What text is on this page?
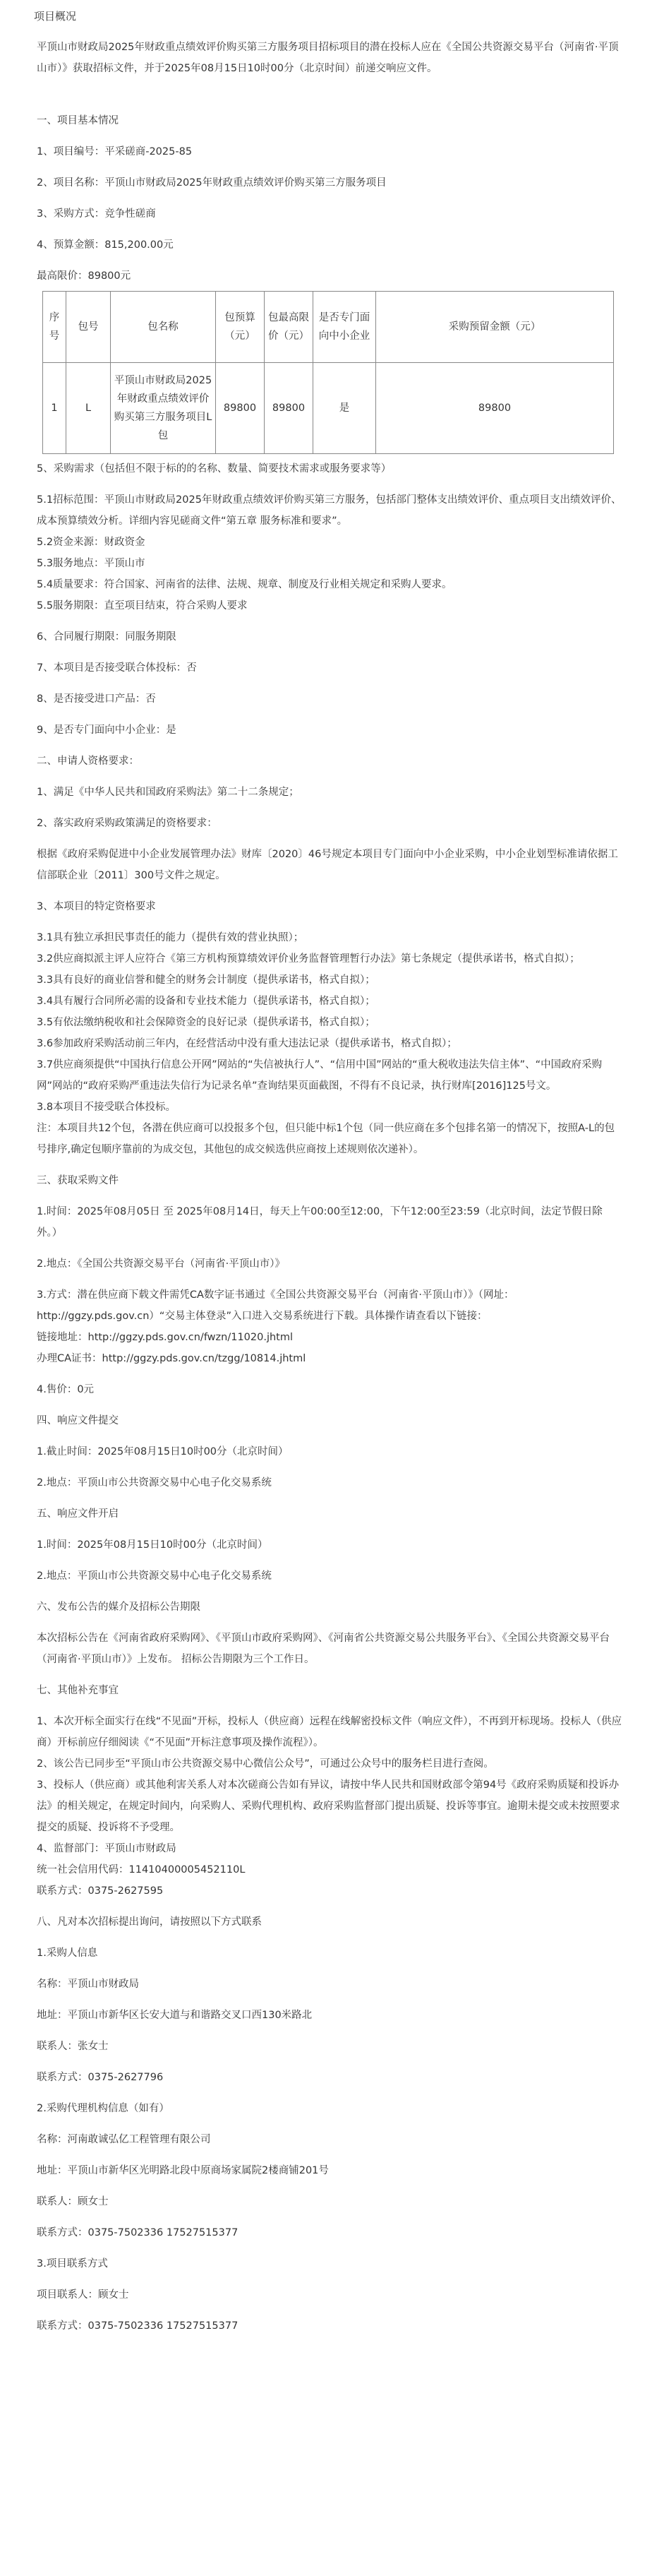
项目概况

平顶山市财政局2025年财政重点绩效评价购买第三方服务项目招标项目的潜在投标人应在《全国公共资源交易平台（河南省·平顶山市）》获取招标文件，并于2025年08月15日10时00分（北京时间）前递交响应文件。

一、项目基本情况

1、项目编号：平采磋商-2025-85

2、项目名称：平顶山市财政局2025年财政重点绩效评价购买第三方服务项目

3、采购方式：竞争性磋商

4、预算金额：815,200.00元

最高限价：89800元

序号	包号	包名称	包预算（元）	包最高限价（元）	是否专门面向中小企业	采购预留金额（元）
1	L	平顶山市财政局2025年财政重点绩效评价购买第三方服务项目L包	89800	89800	是	89800

5、采购需求（包括但不限于标的的名称、数量、简要技术需求或服务要求等）

5.1招标范围：平顶山市财政局2025年财政重点绩效评价购买第三方服务，包括部门整体支出绩效评价、重点项目支出绩效评价、成本预算绩效分析。详细内容见磋商文件“第五章 服务标准和要求”。

5.2资金来源：财政资金

5.3服务地点：平顶山市

5.4质量要求：符合国家、河南省的法律、法规、规章、制度及行业相关规定和采购人要求。

5.5服务期限：直至项目结束，符合采购人要求

6、合同履行期限：同服务期限

7、本项目是否接受联合体投标：否

8、是否接受进口产品：否

9、是否专门面向中小企业：是

二、申请人资格要求：

1、满足《中华人民共和国政府采购法》第二十二条规定；

2、落实政府采购政策满足的资格要求：

根据《政府采购促进中小企业发展管理办法》财库〔2020〕46号规定本项目专门面向中小企业采购，中小企业划型标准请依据工信部联企业〔2011〕300号文件之规定。

3、本项目的特定资格要求

3.1具有独立承担民事责任的能力（提供有效的营业执照）；

3.2供应商拟派主评人应符合《第三方机构预算绩效评价业务监督管理暂行办法》第七条规定（提供承诺书，格式自拟）；

3.3具有良好的商业信誉和健全的财务会计制度（提供承诺书，格式自拟）；

3.4具有履行合同所必需的设备和专业技术能力（提供承诺书，格式自拟）；

3.5有依法缴纳税收和社会保障资金的良好记录（提供承诺书，格式自拟）；

3.6参加政府采购活动前三年内，在经营活动中没有重大违法记录（提供承诺书，格式自拟）；

3.7供应商须提供“中国执行信息公开网”网站的“失信被执行人”、“信用中国”网站的“重大税收违法失信主体”、“中国政府采购网”网站的“政府采购严重违法失信行为记录名单”查询结果页面截图，不得有不良记录，执行财库[2016]125号文。

3.8本项目不接受联合体投标。

注：本项目共12个包，各潜在供应商可以投报多个包，但只能中标1个包（同一供应商在多个包排名第一的情况下，按照A-L的包号排序,确定包顺序靠前的为成交包，其他包的成交候选供应商按上述规则依次递补）。

三、获取采购文件

1.时间：2025年08月05日 至 2025年08月14日，每天上午00:00至12:00，下午12:00至23:59（北京时间，法定节假日除外。）

2.地点：《全国公共资源交易平台（河南省·平顶山市）》

3.方式：潜在供应商下载文件需凭CA数字证书通过《全国公共资源交易平台（河南省·平顶山市）》（网址：http://ggzy.pds.gov.cn）“交易主体登录”入口进入交易系统进行下载。具体操作请查看以下链接：

链接地址：http://ggzy.pds.gov.cn/fwzn/11020.jhtml

办理CA证书：http://ggzy.pds.gov.cn/tzgg/10814.jhtml

4.售价：0元

四、响应文件提交

1.截止时间：2025年08月15日10时00分（北京时间）

2.地点：平顶山市公共资源交易中心电子化交易系统

五、响应文件开启

1.时间：2025年08月15日10时00分（北京时间）

2.地点：平顶山市公共资源交易中心电子化交易系统

六、发布公告的媒介及招标公告期限

本次招标公告在《河南省政府采购网》、《平顶山市政府采购网》、《河南省公共资源交易公共服务平台》、《全国公共资源交易平台（河南省·平顶山市）》上发布。 招标公告期限为三个工作日。

七、其他补充事宜

1、本次开标全面实行在线“不见面”开标，投标人（供应商）远程在线解密投标文件（响应文件），不再到开标现场。投标人（供应商）开标前应仔细阅读《“不见面”开标注意事项及操作流程》）。

2、该公告已同步至“平顶山市公共资源交易中心微信公众号”，可通过公众号中的服务栏目进行查阅。

3、投标人（供应商）或其他利害关系人对本次磋商公告如有异议，请按中华人民共和国财政部令第94号《政府采购质疑和投诉办法》的相关规定，在规定时间内，向采购人、采购代理机构、政府采购监督部门提出质疑、投诉等事宜。逾期未提交或未按照要求提交的质疑、投诉将不予受理。

4、监督部门：平顶山市财政局

统一社会信用代码：11410400005452110L

联系方式：0375-2627595

八、凡对本次招标提出询问，请按照以下方式联系

1.采购人信息

名称：平顶山市财政局

地址：平顶山市新华区长安大道与和谐路交叉口西130米路北

联系人：张女士

联系方式：0375-2627796

2.采购代理机构信息（如有）

名称：河南敢诚弘亿工程管理有限公司

地址：平顶山市新华区光明路北段中原商场家属院2楼商铺201号

联系人：顾女士

联系方式：0375-7502336 17527515377

3.项目联系方式

项目联系人：顾女士

联系方式：0375-7502336 17527515377
